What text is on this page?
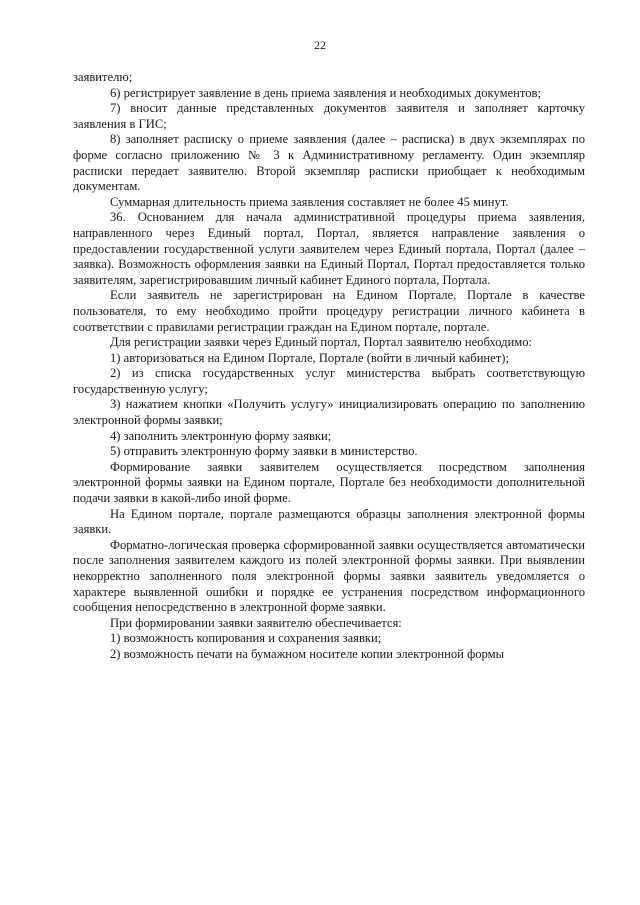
22

заявителю;

6) регистрирует заявление в день приема заявления и необходимых документов;

7) вносит данные представленных документов заявителя и заполняет карточку заявления в ГИС;

8) заполняет расписку о приеме заявления (далее – расписка) в двух экземплярах по форме согласно приложению № 3 к Административному регламенту. Один экземпляр расписки передает заявителю. Второй экземпляр расписки приобщает к необходимым документам.

Суммарная длительность приема заявления составляет не более 45 минут.

36. Основанием для начала административной процедуры приема заявления, направленного через Единый портал, Портал, является направление заявления о предоставлении государственной услуги заявителем через Единый портала, Портал (далее – заявка). Возможность оформления заявки на Единый Портал, Портал предоставляется только заявителям, зарегистрировавшим личный кабинет Единого портала, Портала.

Если заявитель не зарегистрирован на Едином Портале, Портале в качестве пользователя, то ему необходимо пройти процедуру регистрации личного кабинета в соответствии с правилами регистрации граждан на Едином портале, портале.

Для регистрации заявки через Единый портал, Портал заявителю необходимо:

1) авторизоваться на Едином Портале, Портале (войти в личный кабинет);

2) из списка государственных услуг министерства выбрать соответствующую государственную услугу;

3) нажатием кнопки «Получить услугу» инициализировать операцию по заполнению электронной формы заявки;

4) заполнить электронную форму заявки;

5) отправить электронную форму заявки в министерство.

Формирование заявки заявителем осуществляется посредством заполнения электронной формы заявки на Едином портале, Портале без необходимости дополнительной подачи заявки в какой-либо иной форме.

На Едином портале, портале размещаются образцы заполнения электронной формы заявки.

Форматно-логическая проверка сформированной заявки осуществляется автоматически после заполнения заявителем каждого из полей электронной формы заявки. При выявлении некорректно заполненного поля электронной формы заявки заявитель уведомляется о характере выявленной ошибки и порядке ее устранения посредством информационного сообщения непосредственно в электронной форме заявки.

При формировании заявки заявителю обеспечивается:

1) возможность копирования и сохранения заявки;

2) возможность печати на бумажном носителе копии электронной формы
